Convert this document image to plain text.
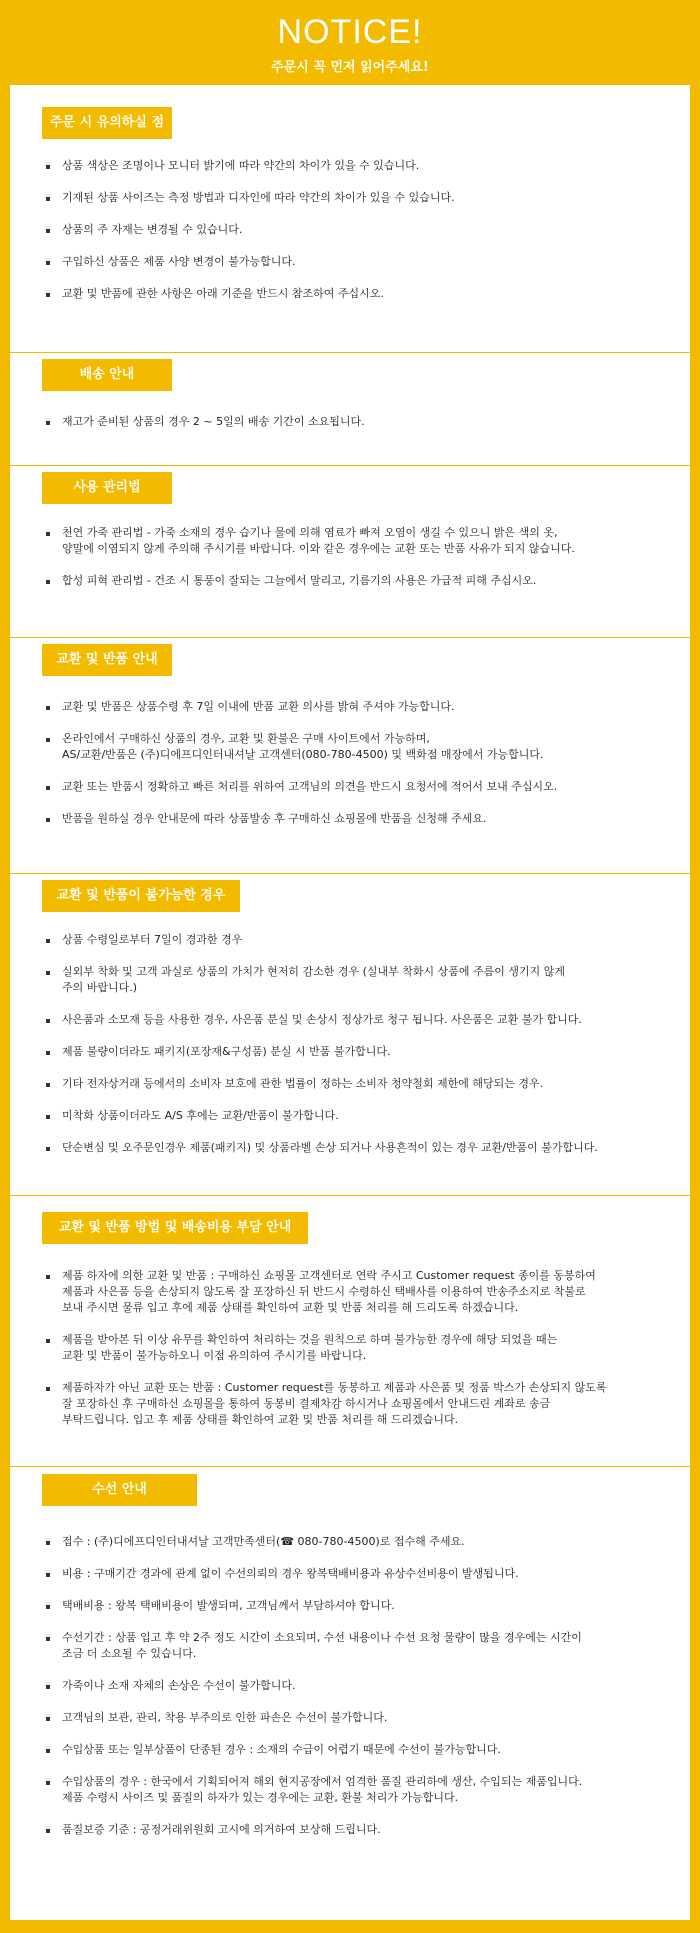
NOTICE!
주문시 꼭 먼저 읽어주세요!
주문 시 유의하실 점
상품 색상은 조명이나 모니터 밝기에 따라 약간의 차이가 있을 수 있습니다.
기재된 상품 사이즈는 측정 방법과 디자인에 따라 약간의 차이가 있을 수 있습니다.
상품의 주 자재는 변경될 수 있습니다.
구입하신 상품은 제품 사양 변경이 불가능합니다.
교환 및 반품에 관한 사항은 아래 기준을 반드시 참조하여 주십시오.
배송 안내
재고가 준비된 상품의 경우 2 ~ 5일의 배송 기간이 소요됩니다.
사용 관리법
천연 가죽 관리법 - 가죽 소재의 경우 습기나 물에 의해 염료가 빠져 오염이 생길 수 있으니 밝은 색의 옷,
양말에 이염되지 않게 주의해 주시기를 바랍니다. 이와 같은 경우에는 교환 또는 반품 사유가 되지 않습니다.
합성 피혁 관리법 - 건조 시 통풍이 잘되는 그늘에서 말리고, 기름기의 사용은 가급적 피해 주십시오.
교환 및 반품 안내
교환 및 반품은 상품수령 후 7일 이내에 반품 교환 의사를 밝혀 주셔야 가능합니다.
온라인에서 구매하신 상품의 경우, 교환 및 환불은 구매 사이트에서 가능하며,
AS/교환/반품은 (주)디에프디인터내셔날 고객센터(080-780-4500) 및 백화점 매장에서 가능합니다.
교환 또는 반품시 정확하고 빠른 처리를 위하여 고객님의 의견을 반드시 요청서에 적어서 보내 주십시오.
반품을 원하실 경우 안내문에 따라 상품발송 후 구매하신 쇼핑몰에 반품을 신청해 주세요.
교환 및 반품이 불가능한 경우
상품 수령일로부터 7일이 경과한 경우
실외부 착화 및 고객 과실로 상품의 가치가 현저히 감소한 경우 (실내부 착화시 상품에 주름이 생기지 않게
주의 바랍니다.)
사은품과 소모재 등을 사용한 경우, 사은품 분실 및 손상시 정상가로 청구 됩니다. 사은품은 교환 불가 합니다.
제품 불량이더라도 패키지(포장재&구성품) 분실 시 반품 불가합니다.
기타 전자상거래 등에서의 소비자 보호에 관한 법률이 정하는 소비자 청약철회 제한에 해당되는 경우.
미착화 상품이더라도 A/S 후에는 교환/반품이 불가합니다.
단순변심 및 오주문인경우 제품(패키지) 및 상품라벨 손상 되거나 사용흔적이 있는 경우 교환/반품이 불가합니다.
교환 및 반품 방법 및 배송비용 부담 안내
제품 하자에 의한 교환 및 반품 : 구매하신 쇼핑몰 고객센터로 연락 주시고 Customer request 종이를 동봉하여
제품과 사은품 등을 손상되지 않도록 잘 포장하신 뒤 반드시 수령하신 택배사를 이용하여 반송주소지로 착불로
보내 주시면 물류 입고 후에 제품 상태를 확인하여 교환 및 반품 처리를 해 드리도록 하겠습니다.
제품을 받아본 뒤 이상 유무를 확인하여 처리하는 것을 원칙으로 하며 불가능한 경우에 해당 되었을 때는
교환 및 반품이 불가능하오니 이점 유의하여 주시기를 바랍니다.
제품하자가 아닌 교환 또는 반품 : Customer request를 동봉하고 제품과 사은품 및 정품 박스가 손상되지 않도록
잘 포장하신 후 구매하신 쇼핑몰을 통하여 동봉비 결제차감 하시거나 쇼핑몰에서 안내드린 계좌로 송금
부탁드립니다. 입고 후 제품 상태를 확인하여 교환 및 반품 처리를 해 드리겠습니다.
수선 안내
접수 : (주)디에프디인터내셔날 고객만족센터(☎ 080-780-4500)로 접수해 주세요.
비용 : 구매기간 경과에 관계 없이 수선의뢰의 경우 왕복택배비용과 유상수선비용이 발생됩니다.
택배비용 : 왕복 택배비용이 발생되며, 고객님께서 부담하셔야 합니다.
수선기간 : 상품 입고 후 약 2주 정도 시간이 소요되며, 수선 내용이나 수선 요청 물량이 많을 경우에는 시간이
조금 더 소요될 수 있습니다.
가죽이나 소재 자체의 손상은 수선이 불가합니다.
고객님의 보관, 관리, 착용 부주의로 인한 파손은 수선이 불가합니다.
수입상품 또는 일부상품이 단종된 경우 : 소재의 수급이 어렵기 때문에 수선이 불가능합니다.
수입상품의 경우 : 한국에서 기획되어져 해외 현지공장에서 엄격한 품질 관리하에 생산, 수입되는 제품입니다.
제품 수령시 사이즈 및 품질의 하자가 있는 경우에는 교환, 환불 처리가 가능합니다.
품질보증 기준 : 공정거래위원회 고시에 의거하여 보상해 드립니다.
